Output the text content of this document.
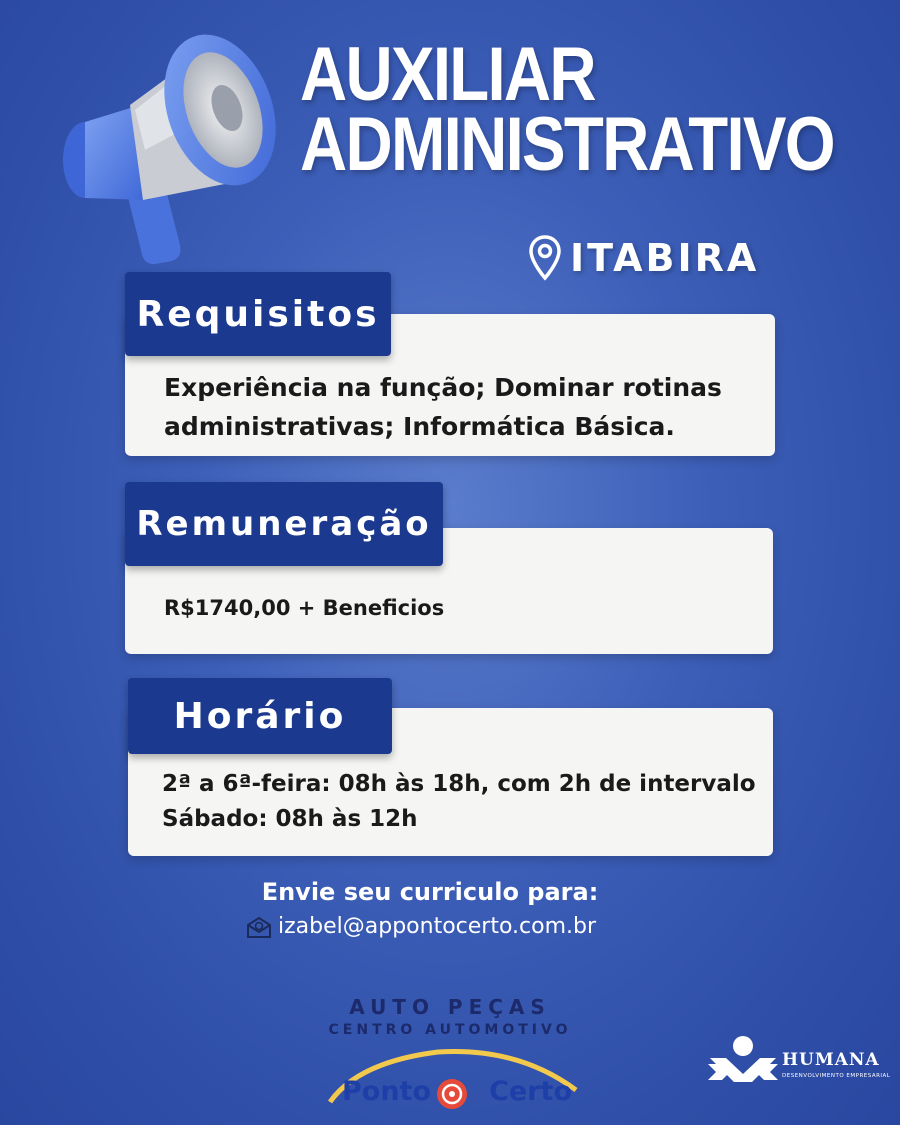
AUXILIAR
ADMINISTRATIVO
ITABIRA
Requisitos
Experiência na função; Dominar rotinas
administrativas; Informática Básica.
Remuneração
R$1740,00 + Beneficios
Horário
2ª a 6ª-feira: 08h às 18h, com 2h de intervalo
Sábado: 08h às 12h
Envie seu curriculo para:
izabel@appontocerto.com.br
AUTO PEÇAS
CENTRO AUTOMOTIVO
Ponto Certo
HUMANA
DESENVOLVIMENTO EMPRESARIAL
